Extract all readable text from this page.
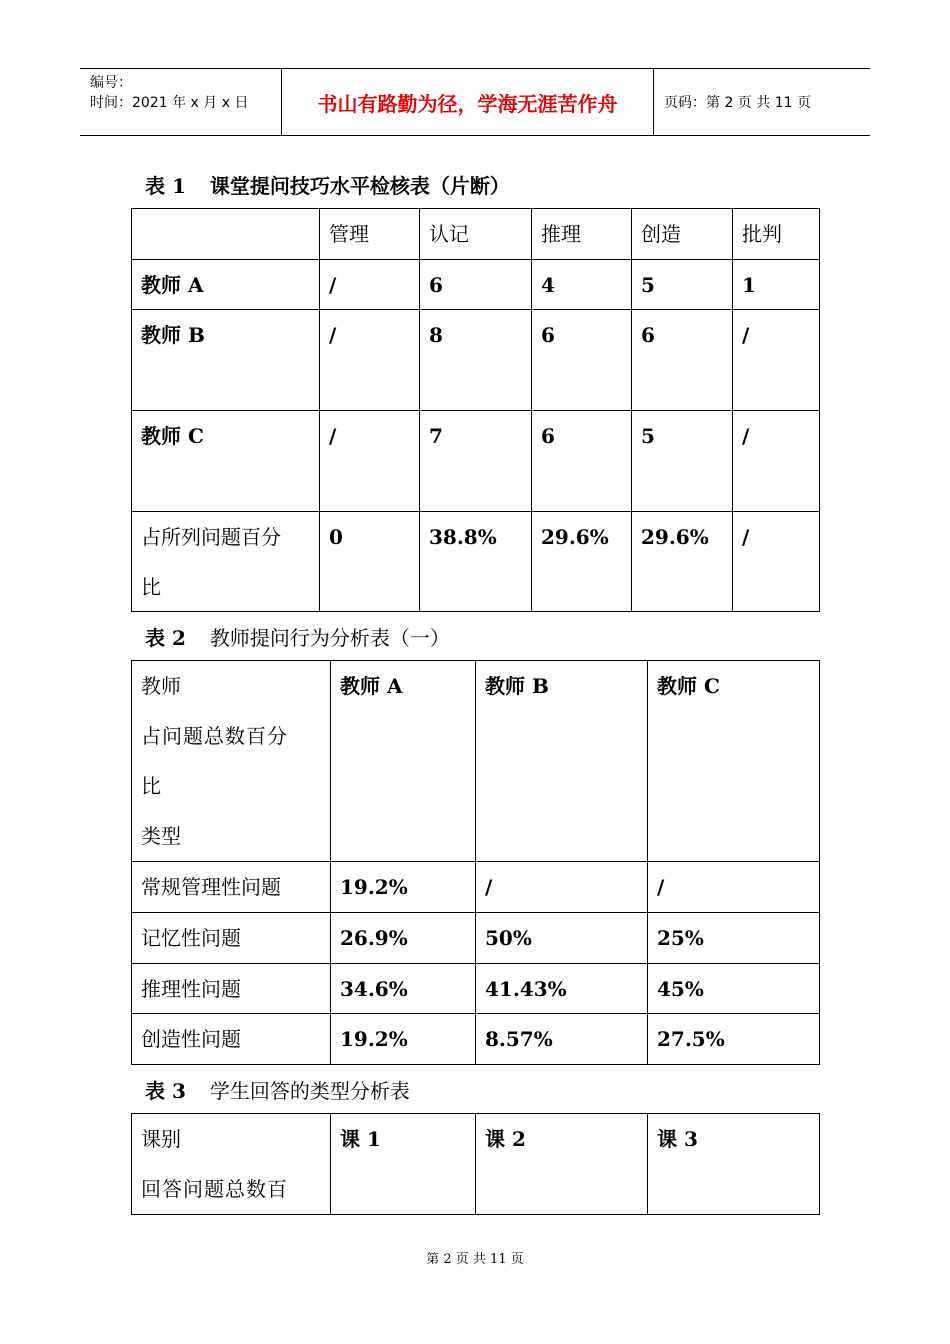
编号：
时间：2021 年 x 月 x 日	书山有路勤为径，学海无涯苦作舟	页码：第 2 页 共 11 页
表 1 课堂提问技巧水平检核表（片断）
	管理	认记	推理	创造	批判
教师 A	/	6	4	5	1
教师 B	/	8	6	6	/
教师 C	/	7	6	5	/

占所列问题百分
比	0	38.8%	29.6%	29.6%	/
表 2 教师提问行为分析表（一）
教师
占问题总数百分
比
类型	教师 A	教师 B	教师 C
常规管理性问题	19.2%	/	/
记忆性问题	26.9%	50%	25%
推理性问题	34.6%	41.43%	45%
创造性问题	19.2%	8.57%	27.5%
表 3 学生回答的类型分析表
课别
回答问题总数百
	课 1	课 2	课 3
第 2 页 共 11 页
